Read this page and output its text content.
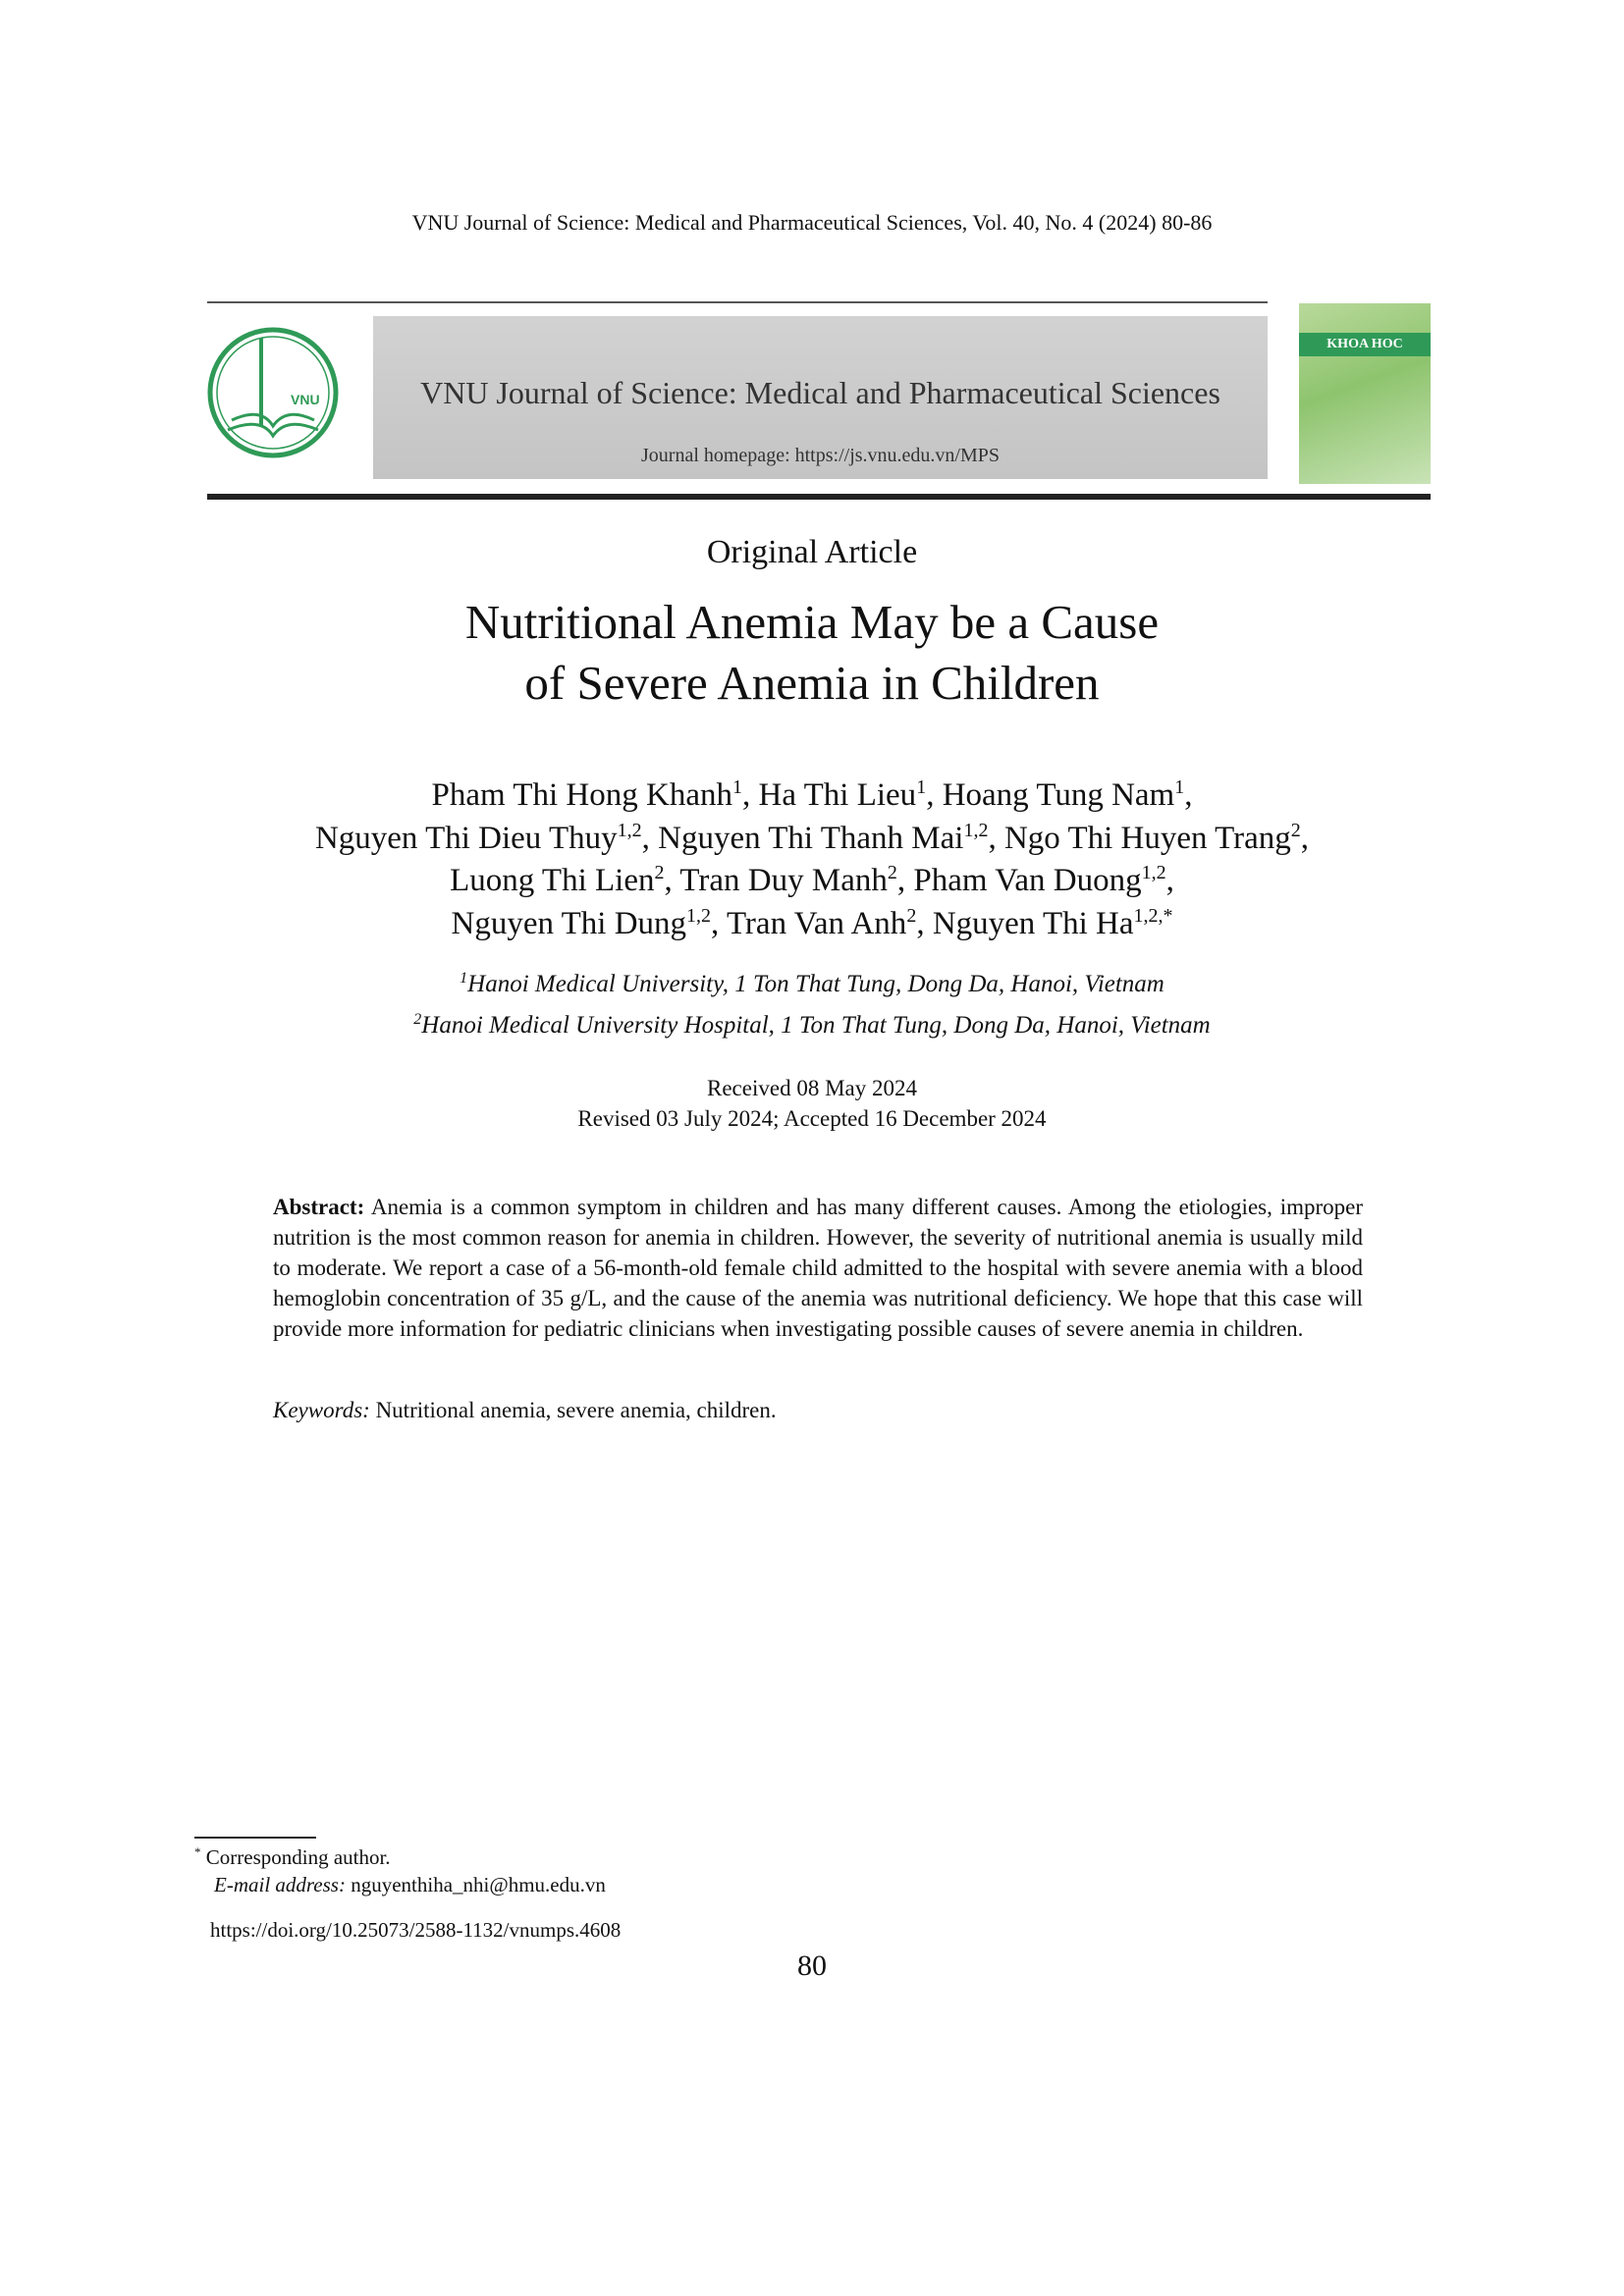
VNU Journal of Science: Medical and Pharmaceutical Sciences, Vol. 40, No. 4 (2024) 80-86
VNU	VNU Journal of Science: Medical and Pharmaceutical Sciences
Journal homepage: https://js.vnu.edu.vn/MPS
KHOA HOC
Original Article
Nutritional Anemia May be a Cause
of Severe Anemia in Children
Pham Thi Hong Khanh$^1$, Ha Thi Lieu$^1$, Hoang Tung Nam$^1$,
Nguyen Thi Dieu Thuy$^{1,2}$, Nguyen Thi Thanh Mai$^{1,2}$, Ngo Thi Huyen Trang$^2$,
Luong Thi Lien$^2$, Tran Duy Manh$^2$, Pham Van Duong$^{1,2}$,
Nguyen Thi Dung$^{1,2}$, Tran Van Anh$^2$, Nguyen Thi $Ha^{1,2,*}$
$^1$Hanoi Medical University, 1 Ton That Tung, Dong Da, Hanoi, Vietnam
$^2$Hanoi Medical University Hospital, 1 Ton That Tung, Dong Da, Hanoi, Vietnam
Received 08 May 2024
Revised 03 July 2024; Accepted 16 December 2024
Abstract: Anemia is a common symptom in children and has many different causes. Among the etiologies, improper nutrition is the most common reason for anemia in children. However, the severity of nutritional anemia is usually mild to moderate. We report a case of a 56-month-old female child admitted to the hospital with severe anemia with a blood hemoglobin concentration of 35 g/L, and the cause of the anemia was nutritional deficiency. We hope that this case will provide more information for pediatric clinicians when investigating possible causes of severe anemia in children.
Keywords: Nutritional anemia, severe anemia, children.
* Corresponding author.
E-mail address: nguyenthiha_nhi@hmu.edu.vn
https://doi.org/10.25073/2588-1132/vnumps.4608
80
